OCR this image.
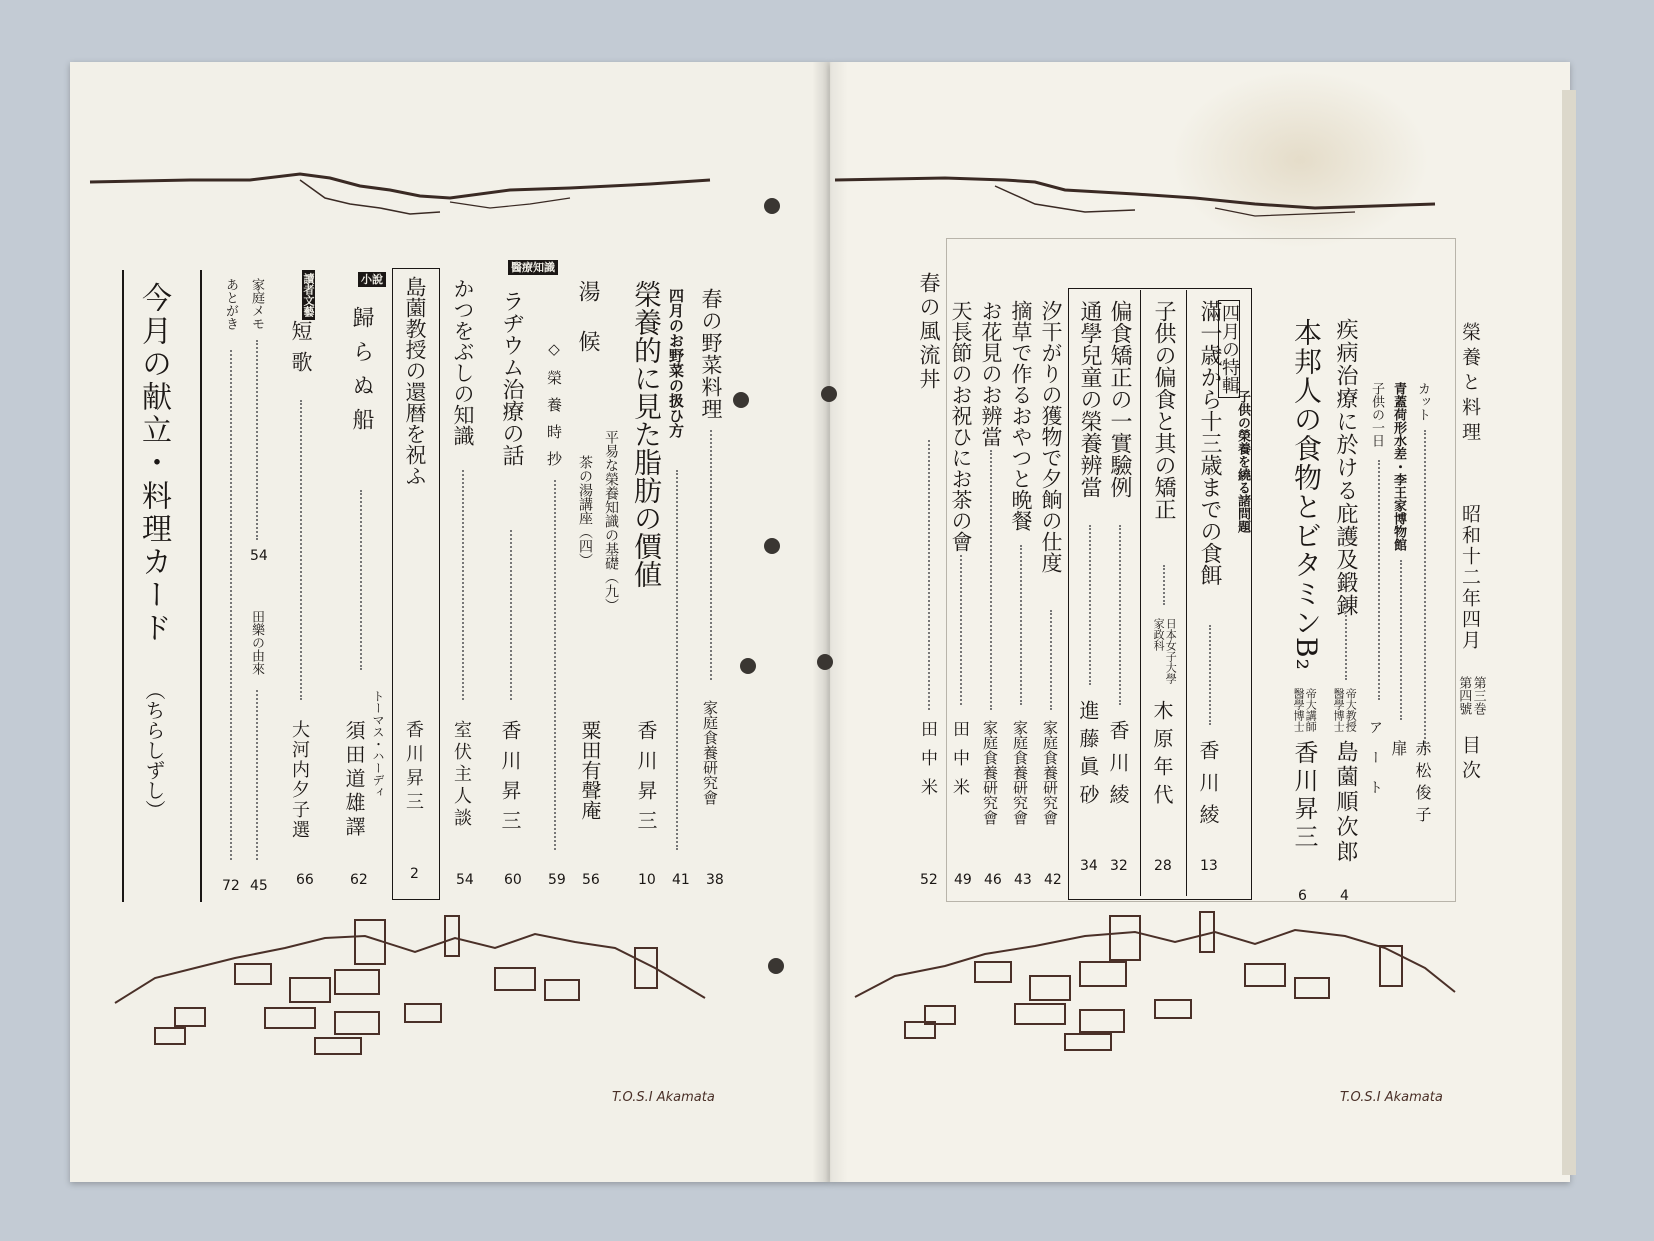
T.O.S.I Akamata	T.O.S.I Akamata
榮養と料理
昭和十二年四月
第三巻
第四號
目次
カット
赤松俊子
青蓋荷形水差・李王家博物館
扉
子供の一日
アート
疾病治療に於ける庇護及鍛錬
帝大教授
醫學博士
島薗順次郎
4
本邦人の食物とビタミンB₂
帝大講師
醫學博士
香川昇三
6
四月の特輯
子供の榮養を繞る諸問題
滿一歳から十三歳までの食餌
香川綾
13
子供の偏食と其の矯正
日本女子大學
家政科
木原年代
28
偏食矯正の一實驗例
香川綾
32
通學兒童の榮養辨當
進藤眞砂
34
汐干がりの獲物で夕餉の仕度
家庭食養研究會
42
摘草で作るおやつと晩餐
家庭食養研究會
43
お花見のお辨當
家庭食養研究會
46
天長節のお祝ひにお茶の會
田中米
49
春の風流丼
田中米
52
春の野菜料理
家庭食養研究會
38
四月のお野菜の扱ひ方
41
榮養的に見た脂肪の價値
平易な榮養知識の基礎（九）
香川昇三
10
湯候
茶の湯講座（四）
粟田有聲庵
56
◇榮養時抄
59
醫療知識
ラヂウム治療の話
香川昇三
60
かつをぶしの知識
室伏主人談
54
島薗教授の還暦を祝ふ
香川昇三
2
小說
歸らぬ船
トーマス・ハーディ
須田道雄譯
62
讀者文藝
短歌
大河内夕子選
66
家庭メモ
54
田樂の由來
45
あとがき
72
今月の献立・料理カード
（ちらしずし）
